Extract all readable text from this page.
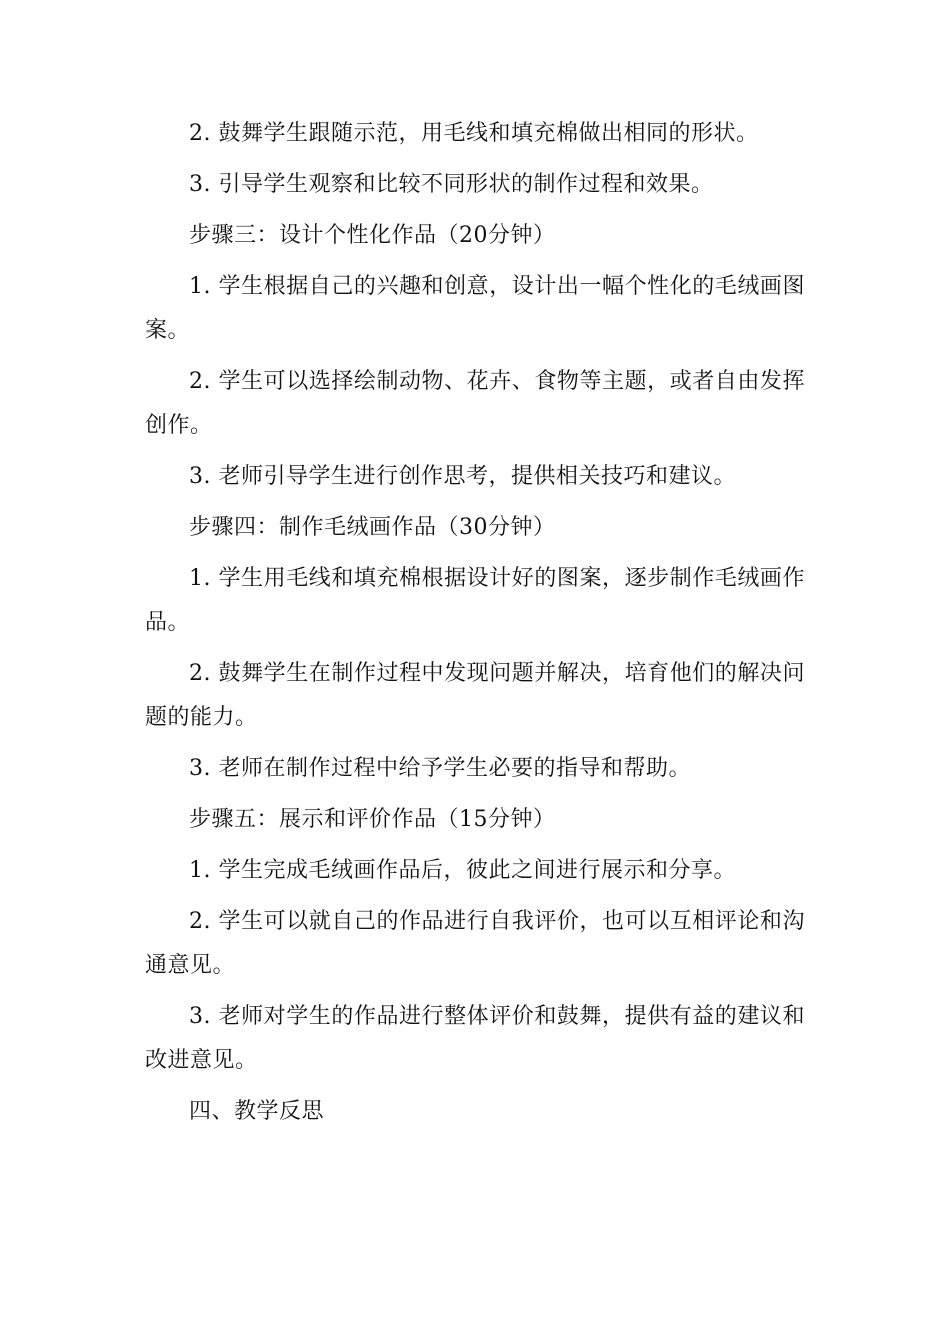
2. 鼓舞学生跟随示范，用毛线和填充棉做出相同的形状。

3. 引导学生观察和比较不同形状的制作过程和效果。

步骤三：设计个性化作品（20分钟）

1. 学生根据自己的兴趣和创意，设计出一幅个性化的毛绒画图案。

2. 学生可以选择绘制动物、花卉、食物等主题，或者自由发挥创作。

3. 老师引导学生进行创作思考，提供相关技巧和建议。

步骤四：制作毛绒画作品（30分钟）

1. 学生用毛线和填充棉根据设计好的图案，逐步制作毛绒画作品。

2. 鼓舞学生在制作过程中发现问题并解决，培育他们的解决问题的能力。

3. 老师在制作过程中给予学生必要的指导和帮助。

步骤五：展示和评价作品（15分钟）

1. 学生完成毛绒画作品后，彼此之间进行展示和分享。

2. 学生可以就自己的作品进行自我评价，也可以互相评论和沟通意见。

3. 老师对学生的作品进行整体评价和鼓舞，提供有益的建议和改进意见。

四、教学反思
